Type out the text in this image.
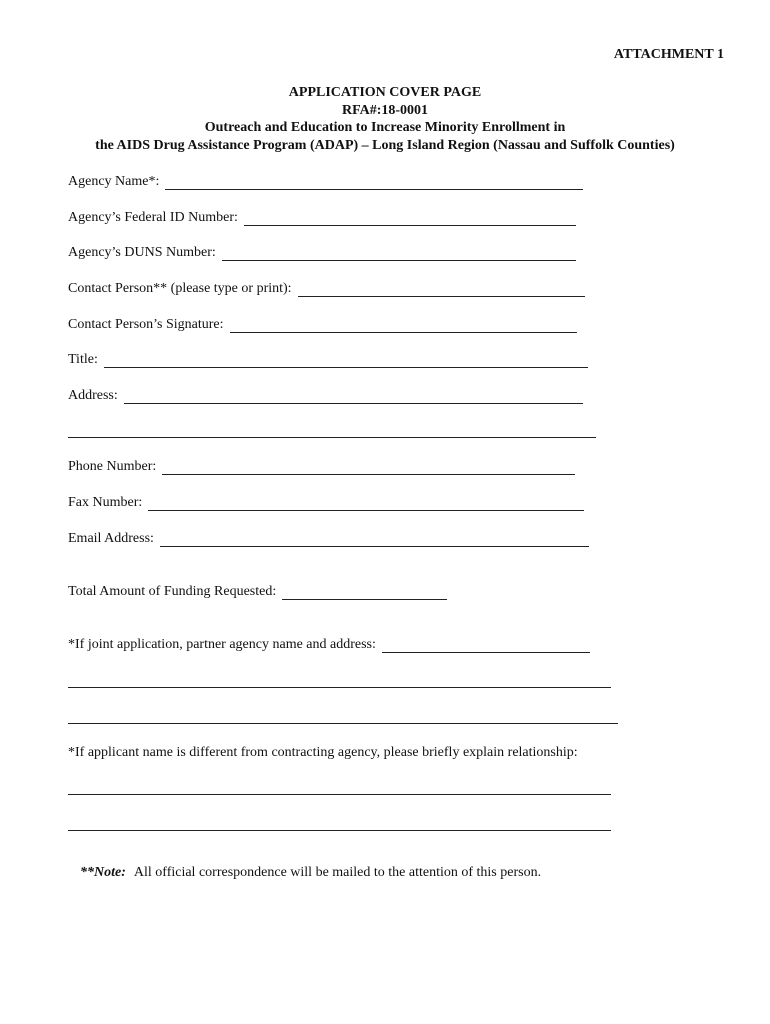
ATTACHMENT 1
APPLICATION COVER PAGE
RFA#:18-0001
Outreach and Education to Increase Minority Enrollment in
the AIDS Drug Assistance Program (ADAP) – Long Island Region (Nassau and Suffolk Counties)
Agency Name*:
Agency’s Federal ID Number:
Agency’s DUNS Number:
Contact Person** (please type or print):
Contact Person’s Signature:
Title:
Address:
Phone Number:
Fax Number:
Email Address:
Total Amount of Funding Requested:
*If joint application, partner agency name and address:
*If applicant name is different from contracting agency, please briefly explain relationship:
**Note: All official correspondence will be mailed to the attention of this person.
